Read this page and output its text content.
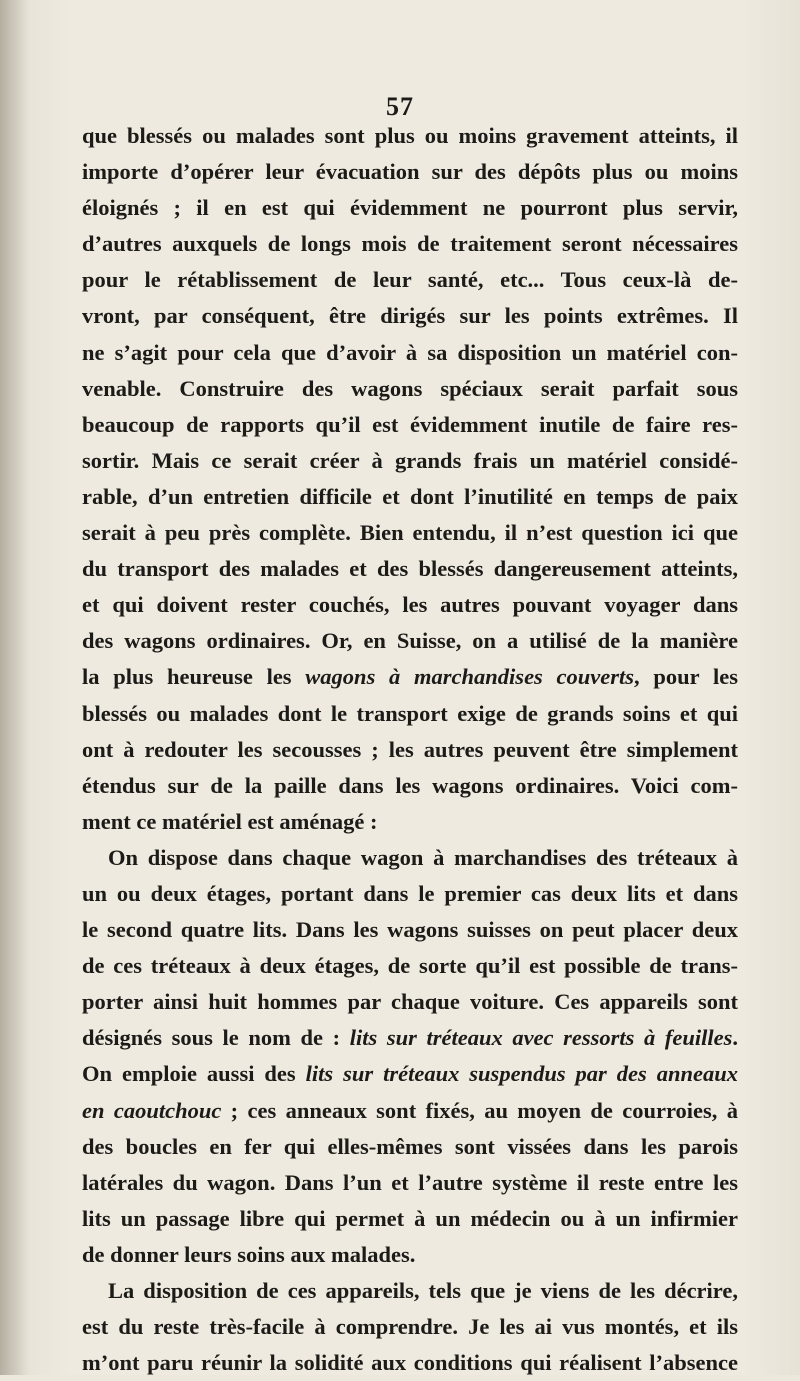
57
que blessés ou malades sont plus ou moins gravement atteints, il
importe d’opérer leur évacuation sur des dépôts plus ou moins
éloignés ; il en est qui évidemment ne pourront plus servir,
d’autres auxquels de longs mois de traitement seront nécessaires
pour le rétablissement de leur santé, etc... Tous ceux-là de-
vront, par conséquent, être dirigés sur les points extrêmes. Il
ne s’agit pour cela que d’avoir à sa disposition un matériel con-
venable. Construire des wagons spéciaux serait parfait sous
beaucoup de rapports qu’il est évidemment inutile de faire res-
sortir. Mais ce serait créer à grands frais un matériel considé-
rable, d’un entretien difficile et dont l’inutilité en temps de paix
serait à peu près complète. Bien entendu, il n’est question ici que
du transport des malades et des blessés dangereusement atteints,
et qui doivent rester couchés, les autres pouvant voyager dans
des wagons ordinaires. Or, en Suisse, on a utilisé de la manière
la plus heureuse les wagons à marchandises couverts, pour les
blessés ou malades dont le transport exige de grands soins et qui
ont à redouter les secousses ; les autres peuvent être simplement
étendus sur de la paille dans les wagons ordinaires. Voici com-
ment ce matériel est aménagé :
On dispose dans chaque wagon à marchandises des tréteaux à
un ou deux étages, portant dans le premier cas deux lits et dans
le second quatre lits. Dans les wagons suisses on peut placer deux
de ces tréteaux à deux étages, de sorte qu’il est possible de trans-
porter ainsi huit hommes par chaque voiture. Ces appareils sont
désignés sous le nom de : lits sur tréteaux avec ressorts à feuilles.
On emploie aussi des lits sur tréteaux suspendus par des anneaux
en caoutchouc ; ces anneaux sont fixés, au moyen de courroies, à
des boucles en fer qui elles-mêmes sont vissées dans les parois
latérales du wagon. Dans l’un et l’autre système il reste entre les
lits un passage libre qui permet à un médecin ou à un infirmier
de donner leurs soins aux malades.
La disposition de ces appareils, tels que je viens de les décrire,
est du reste très-facile à comprendre. Je les ai vus montés, et ils
m’ont paru réunir la solidité aux conditions qui réalisent l’absence
